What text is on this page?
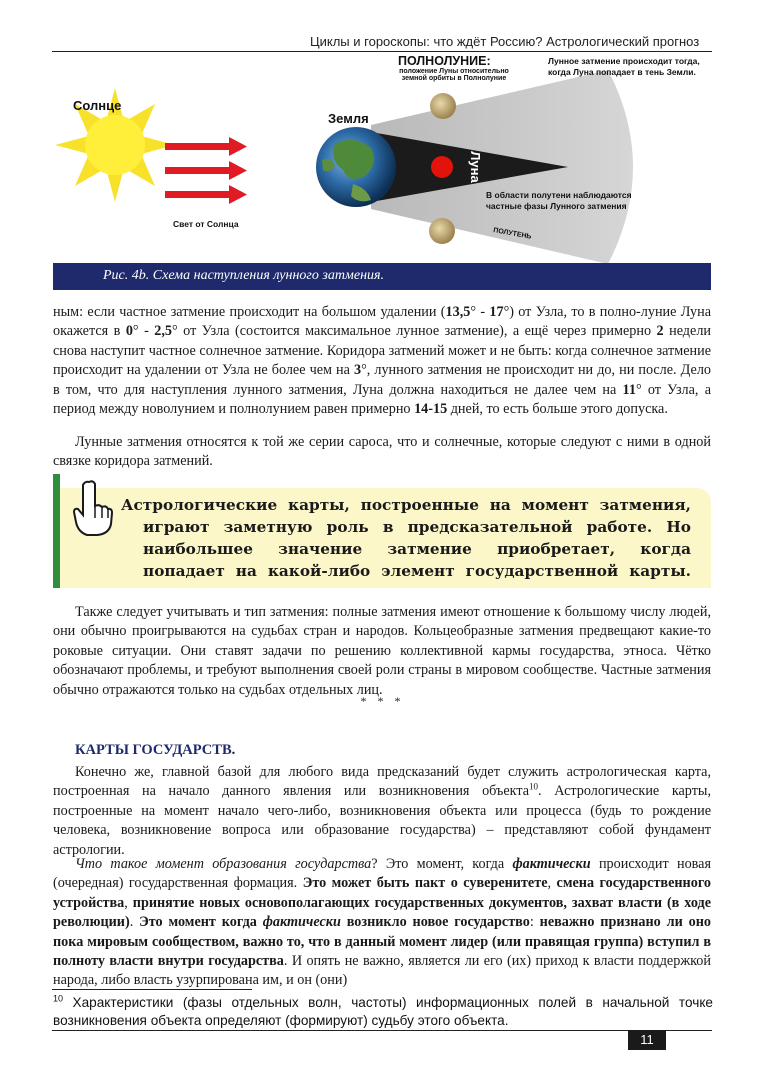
Циклы и гороскопы: что ждёт Россию? Астрологический прогноз
Луна
ПОЛУТЕНЬ
Солнце
Свет от Солнца
Земля
ПОЛНОЛУНИЕ:
положение Луны относительно
земной орбиты в Полнолуние
Лунное затмение происходит тогда,
когда Луна попадает в тень Земли.
В области полутени наблюдаются
частные фазы Лунного затмения
Рис. 4b. Схема наступления лунного затмения.
ным: если частное затмение происходит на большом удалении (13,5° - 17°) от Узла, то в полно-луние Луна окажется в 0° - 2,5° от Узла (состоится максимальное лунное затмение), а ещё через примерно 2 недели снова наступит частное солнечное затмение. Коридора затмений может и не быть: когда солнечное затмение происходит на удалении от Узла не более чем на 3°, лунного затмения не происходит ни до, ни после. Дело в том, что для наступления лунного затмения, Луна должна находиться не далее чем на 11° от Узла, а период между новолунием и полнолунием равен примерно 14-15 дней, то есть больше этого допуска.
Лунные затмения относятся к той же серии сароса, что и солнечные, которые следуют с ними в одной связке коридора затмений.
Астрологические карты, построенные на момент затмения,
играют заметную роль в предсказательной работе. Но наибольшее значение затмение приобретает, когда попадает на какой-либо элемент государственной карты.
Также следует учитывать и тип затмения: полные затмения имеют отношение к большому числу людей, они обычно проигрываются на судьбах стран и народов. Кольцеобразные затмения предвещают какие-то роковые ситуации. Они ставят задачи по решению коллективной кармы государства, этноса. Чётко обозначают проблемы, и требуют выполнения своей роли страны в мировом сообществе. Частные затмения обычно отражаются только на судьбах отдельных лиц.
* * *
КАРТЫ ГОСУДАРСТВ.
Конечно же, главной базой для любого вида предсказаний будет служить астрологическая карта, построенная на начало данного явления или возникновения объекта$^{10}$. Астрологические карты, построенные на момент начало чего-либо, возникновения объекта или процесса (будь то рождение человека, возникновение вопроса или образование государства) – представляют собой фундамент астрологии.
Что такое момент образования государства? Это момент, когда фактически происходит новая (очередная) государственная формация. Это может быть пакт о суверенитете, смена государственного устройства, принятие новых основополагающих государственных документов, захват власти (в ходе революции). Это момент когда фактически возникло новое государство: неважно признано ли оно пока мировым сообществом, важно то, что в данный момент лидер (или правящая группа) вступил в полноту власти внутри государства. И опять не важно, является ли его (их) приход к власти поддержкой народа, либо власть узурпирована им, и он (они)
$^{10}$ Характеристики (фазы отдельных волн, частоты) информационных полей в начальной точке возникновения объекта определяют (формируют) судьбу этого объекта.
11
